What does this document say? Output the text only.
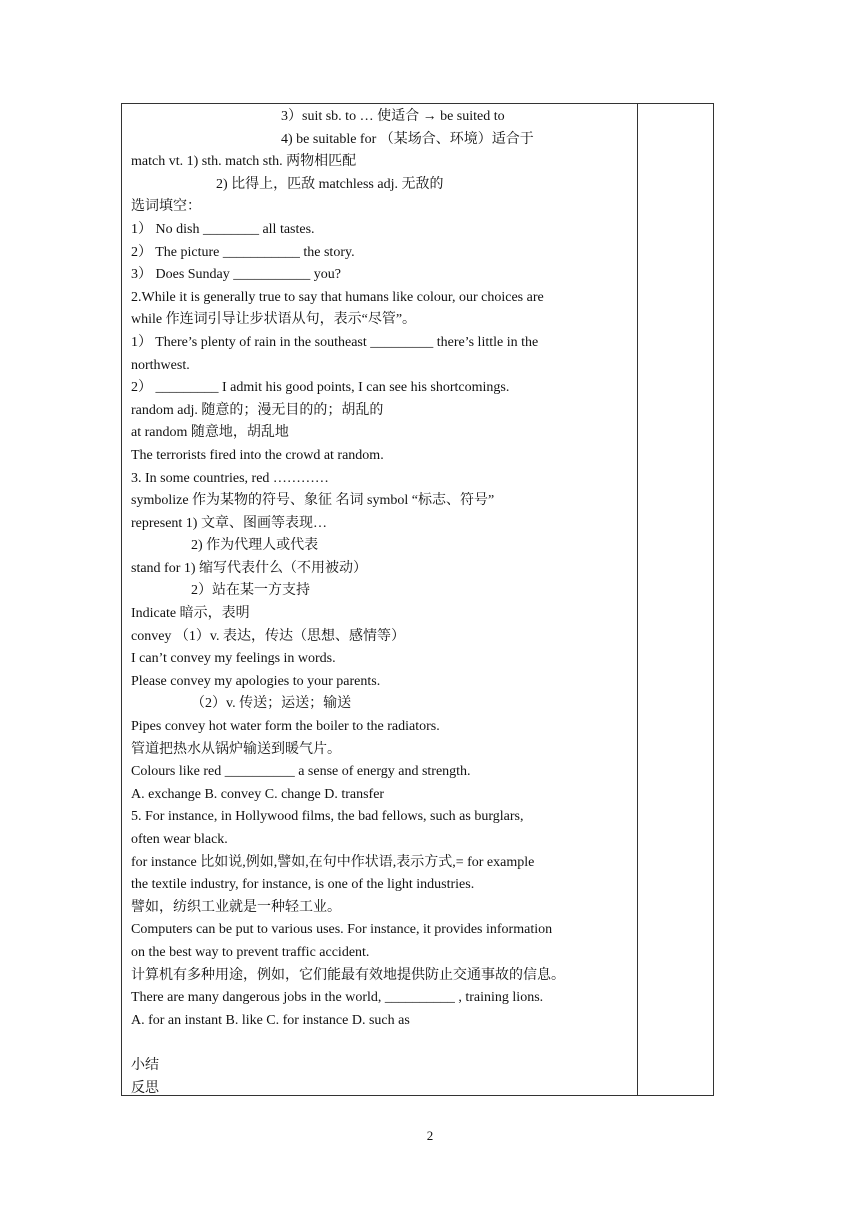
3）suit sb. to … 使适合 → be suited to
4) be suitable for （某场合、环境）适合于
match vt. 1) sth. match sth. 两物相匹配
2) 比得上，匹敌 matchless adj. 无敌的
选词填空：
1） No dish ________ all tastes.
2） The picture ___________ the story.
3） Does Sunday ___________ you?
2.While it is generally true to say that humans like colour, our choices are
while 作连词引导让步状语从句，表示“尽管”。
1） There’s plenty of rain in the southeast _________ there’s little in the
northwest.
2） _________ I admit his good points, I can see his shortcomings.
random adj. 随意的；漫无目的的；胡乱的
at random 随意地，胡乱地
The terrorists fired into the crowd at random.
3. In some countries, red …………
symbolize 作为某物的符号、象征 名词 symbol “标志、符号”
represent 1) 文章、图画等表现…
2) 作为代理人或代表
stand for 1) 缩写代表什么（不用被动）
2）站在某一方支持
Indicate 暗示，表明
convey （1）v. 表达，传达（思想、感情等）
I can’t convey my feelings in words.
Please convey my apologies to your parents.
（2）v. 传送；运送；输送
Pipes convey hot water form the boiler to the radiators.
管道把热水从锅炉输送到暖气片。
Colours like red __________ a sense of energy and strength.
A. exchange B. convey C. change D. transfer
5. For instance, in Hollywood films, the bad fellows, such as burglars,
often wear black.
for instance 比如说,例如,譬如,在句中作状语,表示方式,= for example
the textile industry, for instance, is one of the light industries.
譬如，纺织工业就是一种轻工业。
Computers can be put to various uses. For instance, it provides information
on the best way to prevent traffic accident.
计算机有多种用途，例如，它们能最有效地提供防止交通事故的信息。
There are many dangerous jobs in the world, __________ , training lions.
A. for an instant B. like C. for instance D. such as
小结
反思
2
